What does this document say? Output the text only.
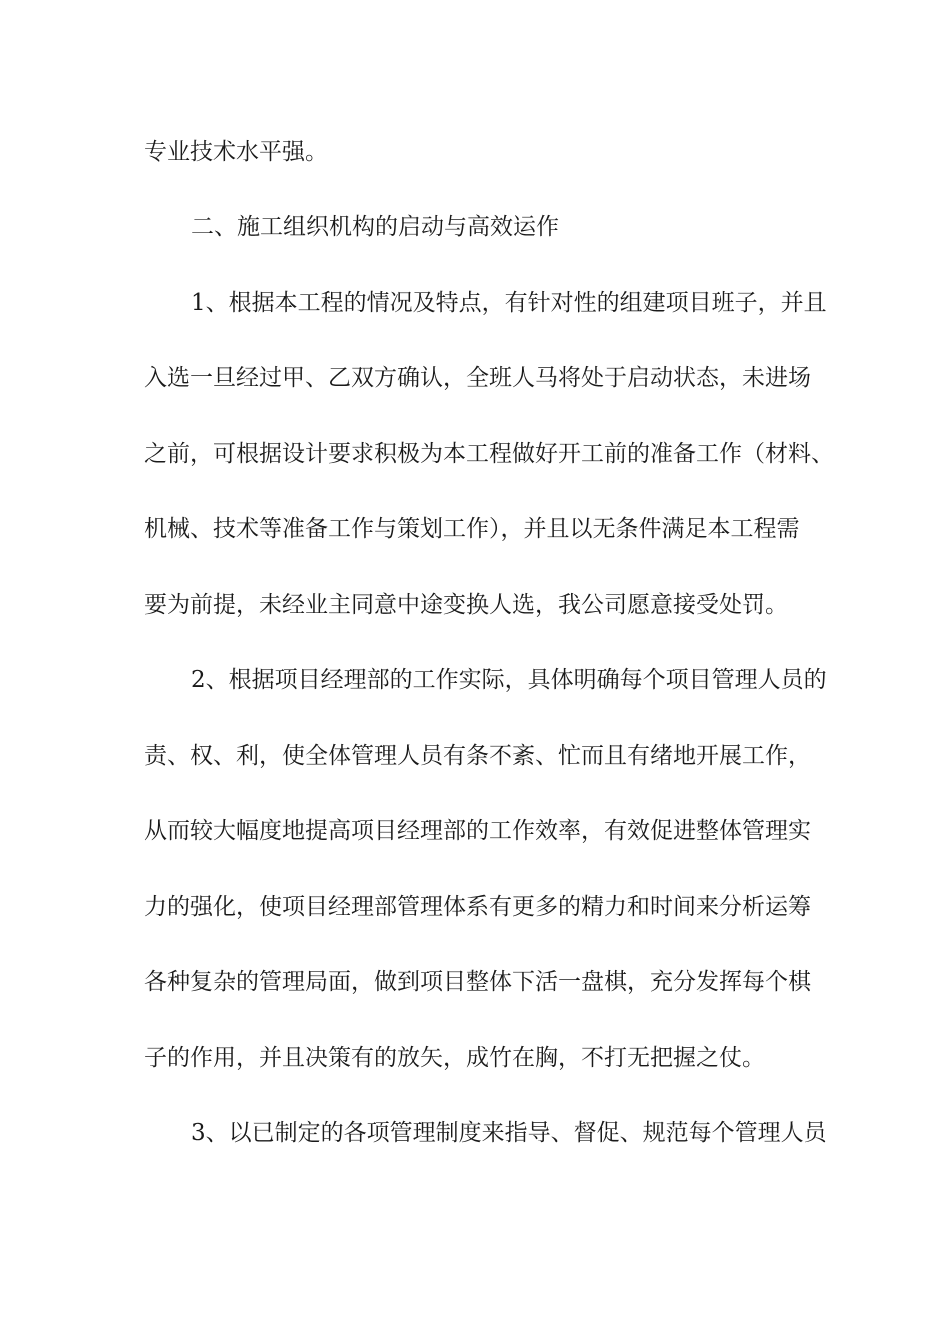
专业技术水平强。
二、施工组织机构的启动与高效运作
1、根据本工程的情况及特点，有针对性的组建项目班子，并且
入选一旦经过甲、乙双方确认，全班人马将处于启动状态，未进场
之前，可根据设计要求积极为本工程做好开工前的准备工作（材料、
机械、技术等准备工作与策划工作），并且以无条件满足本工程需
要为前提，未经业主同意中途变换人选，我公司愿意接受处罚。
2、根据项目经理部的工作实际，具体明确每个项目管理人员的
责、权、利，使全体管理人员有条不紊、忙而且有绪地开展工作，
从而较大幅度地提高项目经理部的工作效率，有效促进整体管理实
力的强化，使项目经理部管理体系有更多的精力和时间来分析运筹
各种复杂的管理局面，做到项目整体下活一盘棋，充分发挥每个棋
子的作用，并且决策有的放矢，成竹在胸，不打无把握之仗。
3、以已制定的各项管理制度来指导、督促、规范每个管理人员
